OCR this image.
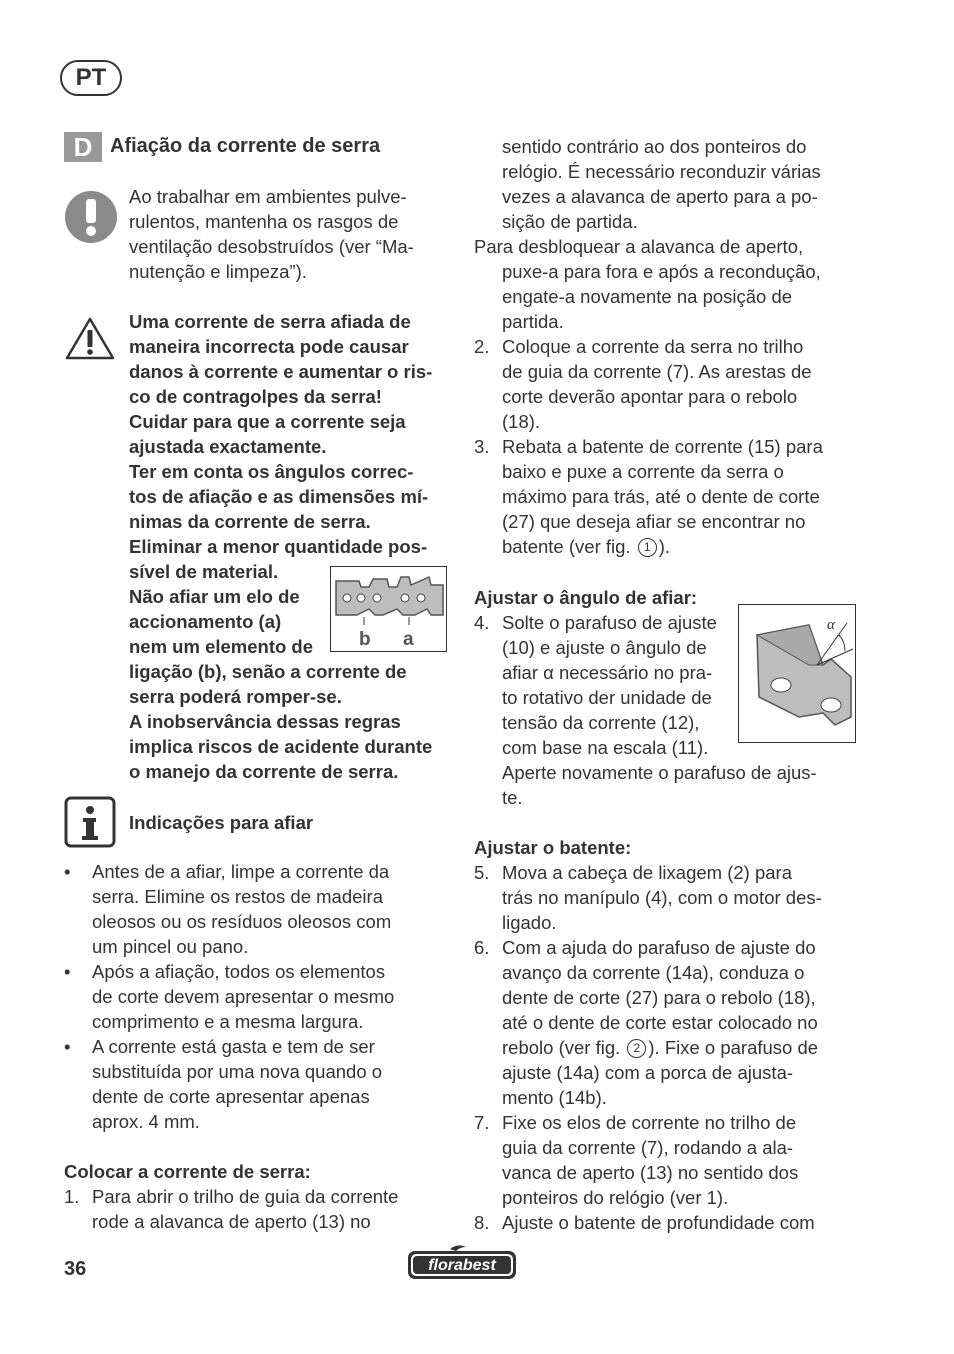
PT
D Afiação da corrente de serra

Ao trabalhar em ambientes pulve-

rulentos, mantenha os rasgos de

ventilação desobstruídos (ver “Ma-

nutenção e limpeza”).

Uma corrente de serra afiada de

maneira incorrecta pode causar

danos à corrente e aumentar o ris-

co de contragolpes da serra!

Cuidar para que a corrente seja

ajustada exactamente.

Ter em conta os ângulos correc-

tos de afiação e as dimensões mí-

nimas da corrente de serra.

Eliminar a menor quantidade pos-

sível de material.

Não afiar um elo de

accionamento (a)

nem um elemento de

ligação (b), senão a corrente de

serra poderá romper-se.

A inobservância dessas regras

implica riscos de acidente durante

o manejo da corrente de serra.

b a
Indicações para afiar
• Antes de a afiar, limpe a corrente da

serra. Elimine os restos de madeira

oleosos ou os resíduos oleosos com

um pincel ou pano.

• Após a afiação, todos os elementos

de corte devem apresentar o mesmo

comprimento e a mesma largura.

• A corrente está gasta e tem de ser

substituída por uma nova quando o

dente de corte apresentar apenas

aprox. 4 mm.

Colocar a corrente de serra:
1. Para abrir o trilho de guia da corrente

rode a alavanca de aperto (13) no

sentido contrário ao dos ponteiros do

relógio. É necessário reconduzir várias

vezes a alavanca de aperto para a po-

sição de partida.

Para desbloquear a alavanca de aperto,

puxe-a para fora e após a recondução,

engate-a novamente na posição de

partida.

2. Coloque a corrente da serra no trilho

de guia da corrente (7). As arestas de

corte deverão apontar para o rebolo

(18).

3. Rebata a batente de corrente (15) para

baixo e puxe a corrente da serra o

máximo para trás, até o dente de corte

(27) que deseja afiar se encontrar no

batente (ver fig. 1 ).

Ajustar o ângulo de afiar:
4. Solte o parafuso de ajuste

(10) e ajuste o ângulo de

afiar α necessário no pra-

to rotativo der unidade de

tensão da corrente (12),

com base na escala (11).

Aperte novamente o parafuso de ajus-

te.

α
Ajustar o batente:
5. Mova a cabeça de lixagem (2) para

trás no manípulo (4), com o motor des-

ligado.

6. Com a ajuda do parafuso de ajuste do

avanço da corrente (14a), conduza o

dente de corte (27) para o rebolo (18),

até o dente de corte estar colocado no

rebolo (ver fig. 2 ). Fixe o parafuso de

ajuste (14a) com a porca de ajusta-

mento (14b).

7. Fixe os elos de corrente no trilho de

guia da corrente (7), rodando a ala-

vanca de aperto (13) no sentido dos

ponteiros do relógio (ver 1).

8. Ajuste o batente de profundidade com

36	florabest
